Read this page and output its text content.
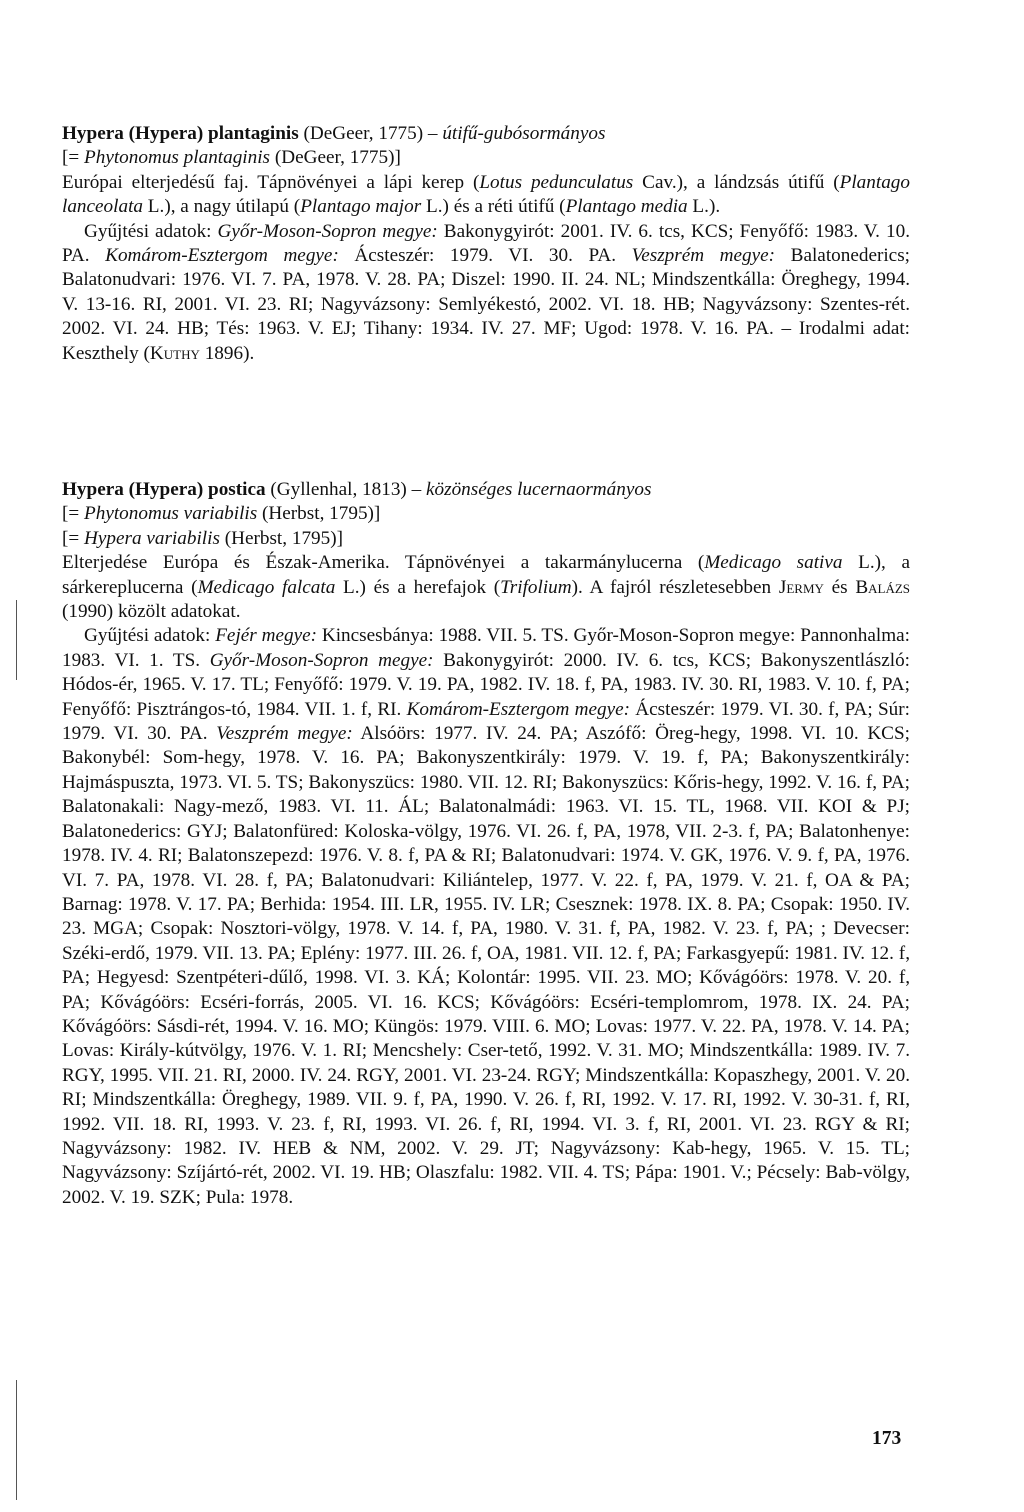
Hypera (Hypera) plantaginis (DeGeer, 1775) – útifű-gubósormányos

[= Phytonomus plantaginis (DeGeer, 1775)]

Európai elterjedésű faj. Tápnövényei a lápi kerep (Lotus pedunculatus Cav.), a lándzsás útifű (Plantago lanceolata L.), a nagy útilapú (Plantago major L.) és a réti útifű (Plantago media L.).

Gyűjtési adatok: Győr-Moson-Sopron megye: Bakonygyirót: 2001. IV. 6. tcs, KCS; Fenyőfő: 1983. V. 10. PA. Komárom-Esztergom megye: Ácsteszér: 1979. VI. 30. PA. Veszprém megye: Balatonederics; Balatonudvari: 1976. VI. 7. PA, 1978. V. 28. PA; Diszel: 1990. II. 24. NL; Mindszentkálla: Öreghegy, 1994. V. 13-16. RI, 2001. VI. 23. RI; Nagyvázsony: Semlyékestó, 2002. VI. 18. HB; Nagyvázsony: Szentes-rét. 2002. VI. 24. HB; Tés: 1963. V. EJ; Tihany: 1934. IV. 27. MF; Ugod: 1978. V. 16. PA. – Irodalmi adat: Keszthely (Kuthy 1896).

Hypera (Hypera) postica (Gyllenhal, 1813) – közönséges lucernaormányos

[= Phytonomus variabilis (Herbst, 1795)]

[= Hypera variabilis (Herbst, 1795)]

Elterjedése Európa és Észak-Amerika. Tápnövényei a takarmánylucerna (Medicago sativa L.), a sárkereplucerna (Medicago falcata L.) és a herefajok (Trifolium). A fajról részletesebben Jermy és Balázs (1990) közölt adatokat.

Gyűjtési adatok: Fejér megye: Kincsesbánya: 1988. VII. 5. TS. Győr-Moson-Sopron megye: Pannonhalma: 1983. VI. 1. TS. Győr-Moson-Sopron megye: Bakonygyirót: 2000. IV. 6. tcs, KCS; Bakonyszentlászló: Hódos-ér, 1965. V. 17. TL; Fenyőfő: 1979. V. 19. PA, 1982. IV. 18. f, PA, 1983. IV. 30. RI, 1983. V. 10. f, PA; Fenyőfő: Pisztrángos-tó, 1984. VII. 1. f, RI. Komárom-Esztergom megye: Ácsteszér: 1979. VI. 30. f, PA; Súr: 1979. VI. 30. PA. Veszprém megye: Alsóörs: 1977. IV. 24. PA; Aszófő: Öreg-hegy, 1998. VI. 10. KCS; Bakonybél: Som-hegy, 1978. V. 16. PA; Bakonyszentkirály: 1979. V. 19. f, PA; Bakonyszentkirály: Hajmáspuszta, 1973. VI. 5. TS; Bakonyszücs: 1980. VII. 12. RI; Bakonyszücs: Kőris-hegy, 1992. V. 16. f, PA; Balatonakali: Nagy-mező, 1983. VI. 11. ÁL; Balatonalmádi: 1963. VI. 15. TL, 1968. VII. KOI & PJ; Balatonederics: GYJ; Balatonfüred: Koloska-völgy, 1976. VI. 26. f, PA, 1978, VII. 2-3. f, PA; Balatonhenye: 1978. IV. 4. RI; Balatonszepezd: 1976. V. 8. f, PA & RI; Balatonudvari: 1974. V. GK, 1976. V. 9. f, PA, 1976. VI. 7. PA, 1978. VI. 28. f, PA; Balatonudvari: Kiliántelep, 1977. V. 22. f, PA, 1979. V. 21. f, OA & PA; Barnag: 1978. V. 17. PA; Berhida: 1954. III. LR, 1955. IV. LR; Csesznek: 1978. IX. 8. PA; Csopak: 1950. IV. 23. MGA; Csopak: Nosztori-völgy, 1978. V. 14. f, PA, 1980. V. 31. f, PA, 1982. V. 23. f, PA; ; Devecser: Széki-erdő, 1979. VII. 13. PA; Eplény: 1977. III. 26. f, OA, 1981. VII. 12. f, PA; Farkasgyepű: 1981. IV. 12. f, PA; Hegyesd: Szentpéteri-dűlő, 1998. VI. 3. KÁ; Kolontár: 1995. VII. 23. MO; Kővágóörs: 1978. V. 20. f, PA; Kővágóörs: Ecséri-forrás, 2005. VI. 16. KCS; Kővágóörs: Ecséri-templomrom, 1978. IX. 24. PA; Kővágóörs: Sásdi-rét, 1994. V. 16. MO; Küngös: 1979. VIII. 6. MO; Lovas: 1977. V. 22. PA, 1978. V. 14. PA; Lovas: Király-kútvölgy, 1976. V. 1. RI; Mencshely: Cser-tető, 1992. V. 31. MO; Mindszentkálla: 1989. IV. 7. RGY, 1995. VII. 21. RI, 2000. IV. 24. RGY, 2001. VI. 23-24. RGY; Mindszentkálla: Kopaszhegy, 2001. V. 20. RI; Mindszentkálla: Öreghegy, 1989. VII. 9. f, PA, 1990. V. 26. f, RI, 1992. V. 17. RI, 1992. V. 30-31. f, RI, 1992. VII. 18. RI, 1993. V. 23. f, RI, 1993. VI. 26. f, RI, 1994. VI. 3. f, RI, 2001. VI. 23. RGY & RI; Nagyvázsony: 1982. IV. HEB & NM, 2002. V. 29. JT; Nagyvázsony: Kab-hegy, 1965. V. 15. TL; Nagyvázsony: Szíjártó-rét, 2002. VI. 19. HB; Olaszfalu: 1982. VII. 4. TS; Pápa: 1901. V.; Pécsely: Bab-völgy, 2002. V. 19. SZK; Pula: 1978.

173
